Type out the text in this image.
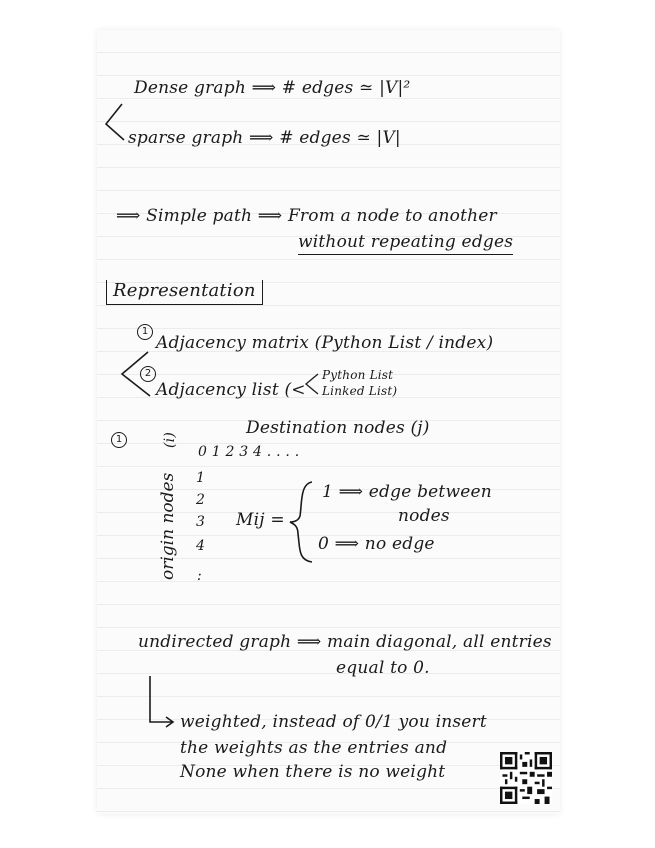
Dense graph ⟹ # edges ≃ |V|²
sparse graph ⟹ # edges ≃ |V|
⟹ Simple path ⟹ From a node to another
without repeating edges
Representation
1
Adjacency matrix (Python List / index)
2
Adjacency list (<
Python List
Linked List)
1	(i)
Destination nodes (j)
0 1 2 3 4 . . . .
origin nodes 1
2
3
4
:
Mij =
1 ⟹ edge between
nodes
0 ⟹ no edge
undirected graph ⟹ main diagonal, all entries
equal to 0.
weighted, instead of 0/1 you insert
the weights as the entries and
None when there is no weight
